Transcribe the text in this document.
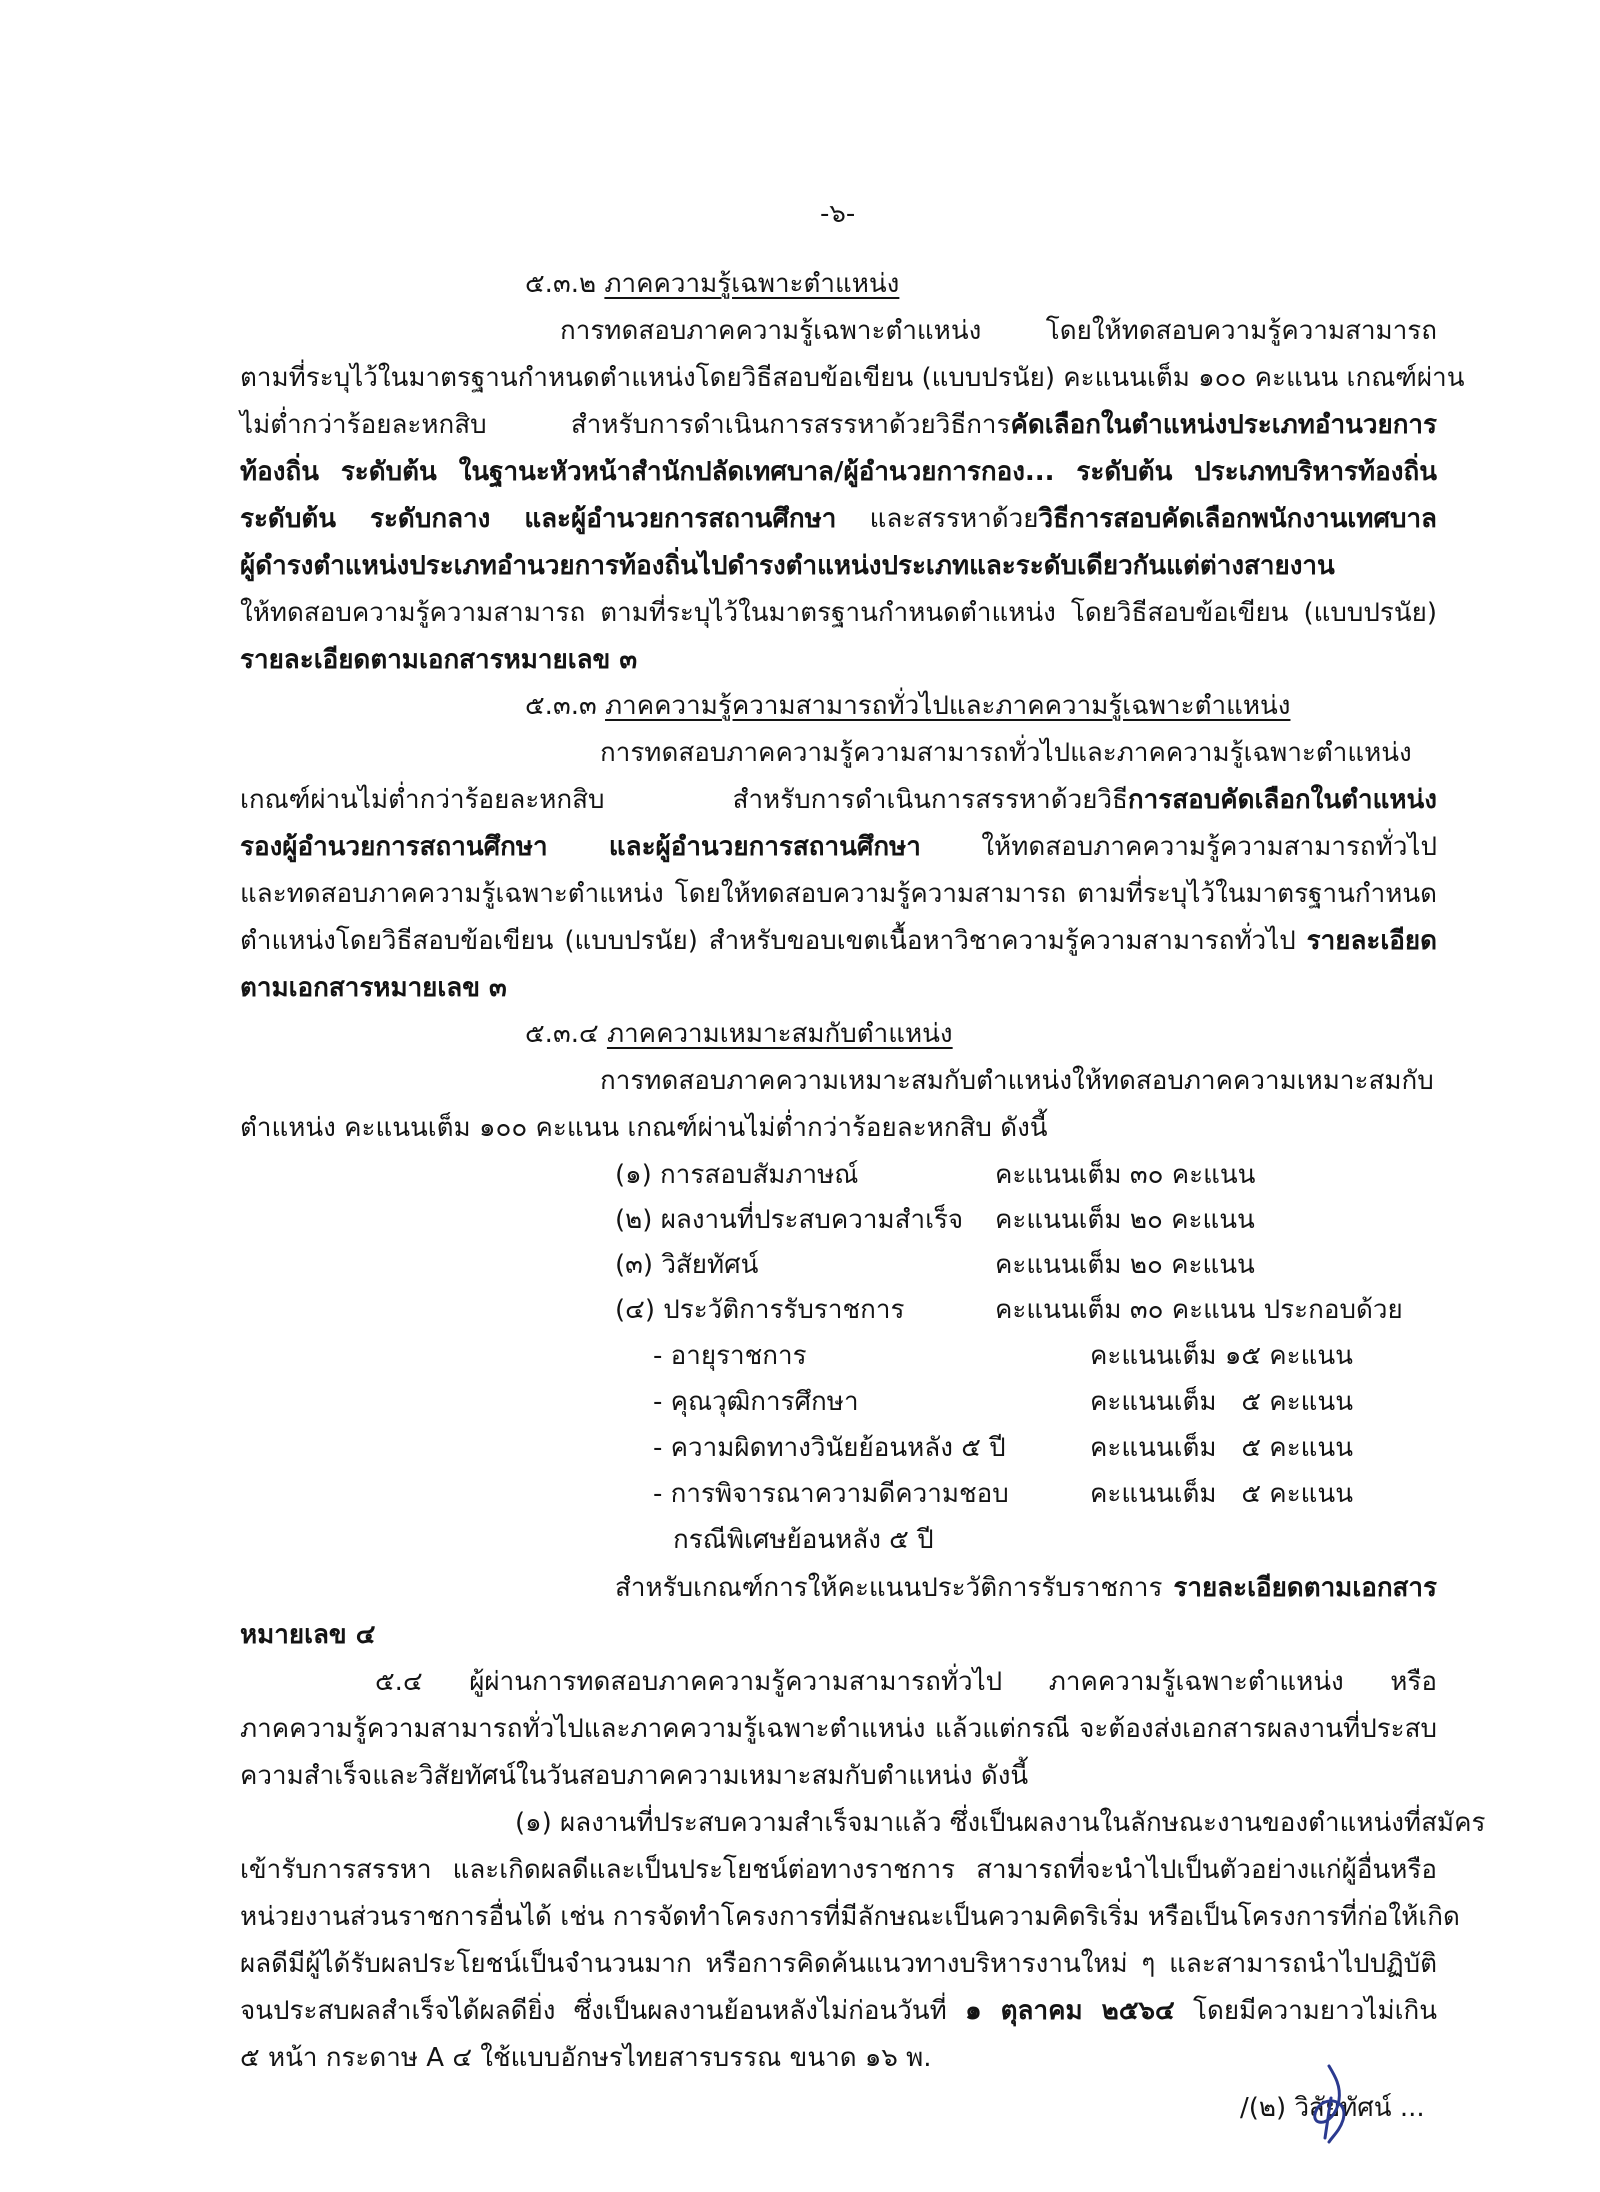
-๖-
๕.๓.๒ ภาคความรู้เฉพาะตำแหน่ง
การทดสอบภาคความรู้เฉพาะตำแหน่ง โดยให้ทดสอบความรู้ความสามารถ
ตามที่ระบุไว้ในมาตรฐานกำหนดตำแหน่งโดยวิธีสอบข้อเขียน (แบบปรนัย) คะแนนเต็ม ๑๐๐ คะแนน เกณฑ์ผ่าน
ไม่ต่ำกว่าร้อยละหกสิบ สำหรับการดำเนินการสรรหาด้วยวิธีการคัดเลือกในตำแหน่งประเภทอำนวยการ
ท้องถิ่น ระดับต้น ในฐานะหัวหน้าสำนักปลัดเทศบาล/ผู้อำนวยการกอง... ระดับต้น ประเภทบริหารท้องถิ่น
ระดับต้น ระดับกลาง และผู้อำนวยการสถานศึกษา และสรรหาด้วยวิธีการสอบคัดเลือกพนักงานเทศบาล
ผู้ดำรงตำแหน่งประเภทอำนวยการท้องถิ่นไปดำรงตำแหน่งประเภทและระดับเดียวกันแต่ต่างสายงาน
ให้ทดสอบความรู้ความสามารถ ตามที่ระบุไว้ในมาตรฐานกำหนดตำแหน่ง โดยวิธีสอบข้อเขียน (แบบปรนัย)
รายละเอียดตามเอกสารหมายเลข ๓
๕.๓.๓ ภาคความรู้ความสามารถทั่วไปและภาคความรู้เฉพาะตำแหน่ง
การทดสอบภาคความรู้ความสามารถทั่วไปและภาคความรู้เฉพาะตำแหน่ง
เกณฑ์ผ่านไม่ต่ำกว่าร้อยละหกสิบ สำหรับการดำเนินการสรรหาด้วยวิธีการสอบคัดเลือกในตำแหน่ง
รองผู้อำนวยการสถานศึกษา และผู้อำนวยการสถานศึกษา ให้ทดสอบภาคความรู้ความสามารถทั่วไป
และทดสอบภาคความรู้เฉพาะตำแหน่ง โดยให้ทดสอบความรู้ความสามารถ ตามที่ระบุไว้ในมาตรฐานกำหนด
ตำแหน่งโดยวิธีสอบข้อเขียน (แบบปรนัย) สำหรับขอบเขตเนื้อหาวิชาความรู้ความสามารถทั่วไป รายละเอียด
ตามเอกสารหมายเลข ๓
๕.๓.๔ ภาคความเหมาะสมกับตำแหน่ง
การทดสอบภาคความเหมาะสมกับตำแหน่งให้ทดสอบภาคความเหมาะสมกับ
ตำแหน่ง คะแนนเต็ม ๑๐๐ คะแนน เกณฑ์ผ่านไม่ต่ำกว่าร้อยละหกสิบ ดังนี้
(๑) การสอบสัมภาษณ์	คะแนนเต็ม ๓๐ คะแนน
(๒) ผลงานที่ประสบความสำเร็จ คะแนนเต็ม ๒๐ คะแนน
(๓) วิสัยทัศน์	คะแนนเต็ม ๒๐ คะแนน
(๔) ประวัติการรับราชการ	คะแนนเต็ม ๓๐ คะแนน ประกอบด้วย
- อายุราชการ	คะแนนเต็ม ๑๕ คะแนน
- คุณวุฒิการศึกษา	คะแนนเต็ม   ๕ คะแนน
- ความผิดทางวินัยย้อนหลัง ๕ ปี	คะแนนเต็ม   ๕ คะแนน
- การพิจารณาความดีความชอบ	คะแนนเต็ม   ๕ คะแนน
กรณีพิเศษย้อนหลัง ๕ ปี
สำหรับเกณฑ์การให้คะแนนประวัติการรับราชการ รายละเอียดตามเอกสาร
หมายเลข ๔
๕.๔ ผู้ผ่านการทดสอบภาคความรู้ความสามารถทั่วไป ภาคความรู้เฉพาะตำแหน่ง หรือ
ภาคความรู้ความสามารถทั่วไปและภาคความรู้เฉพาะตำแหน่ง แล้วแต่กรณี จะต้องส่งเอกสารผลงานที่ประสบ
ความสำเร็จและวิสัยทัศน์ในวันสอบภาคความเหมาะสมกับตำแหน่ง ดังนี้
(๑) ผลงานที่ประสบความสำเร็จมาแล้ว ซึ่งเป็นผลงานในลักษณะงานของตำแหน่งที่สมัคร
เข้ารับการสรรหา และเกิดผลดีและเป็นประโยชน์ต่อทางราชการ สามารถที่จะนำไปเป็นตัวอย่างแก่ผู้อื่นหรือ
หน่วยงานส่วนราชการอื่นได้ เช่น การจัดทำโครงการที่มีลักษณะเป็นความคิดริเริ่ม หรือเป็นโครงการที่ก่อให้เกิด
ผลดีมีผู้ได้รับผลประโยชน์เป็นจำนวนมาก หรือการคิดค้นแนวทางบริหารงานใหม่ ๆ และสามารถนำไปปฏิบัติ
จนประสบผลสำเร็จได้ผลดียิ่ง ซึ่งเป็นผลงานย้อนหลังไม่ก่อนวันที่ ๑ ตุลาคม ๒๕๖๔ โดยมีความยาวไม่เกิน
๕ หน้า กระดาษ A ๔ ใช้แบบอักษรไทยสารบรรณ ขนาด ๑๖ พ.
/(๒) วิสัยทัศน์ ...
